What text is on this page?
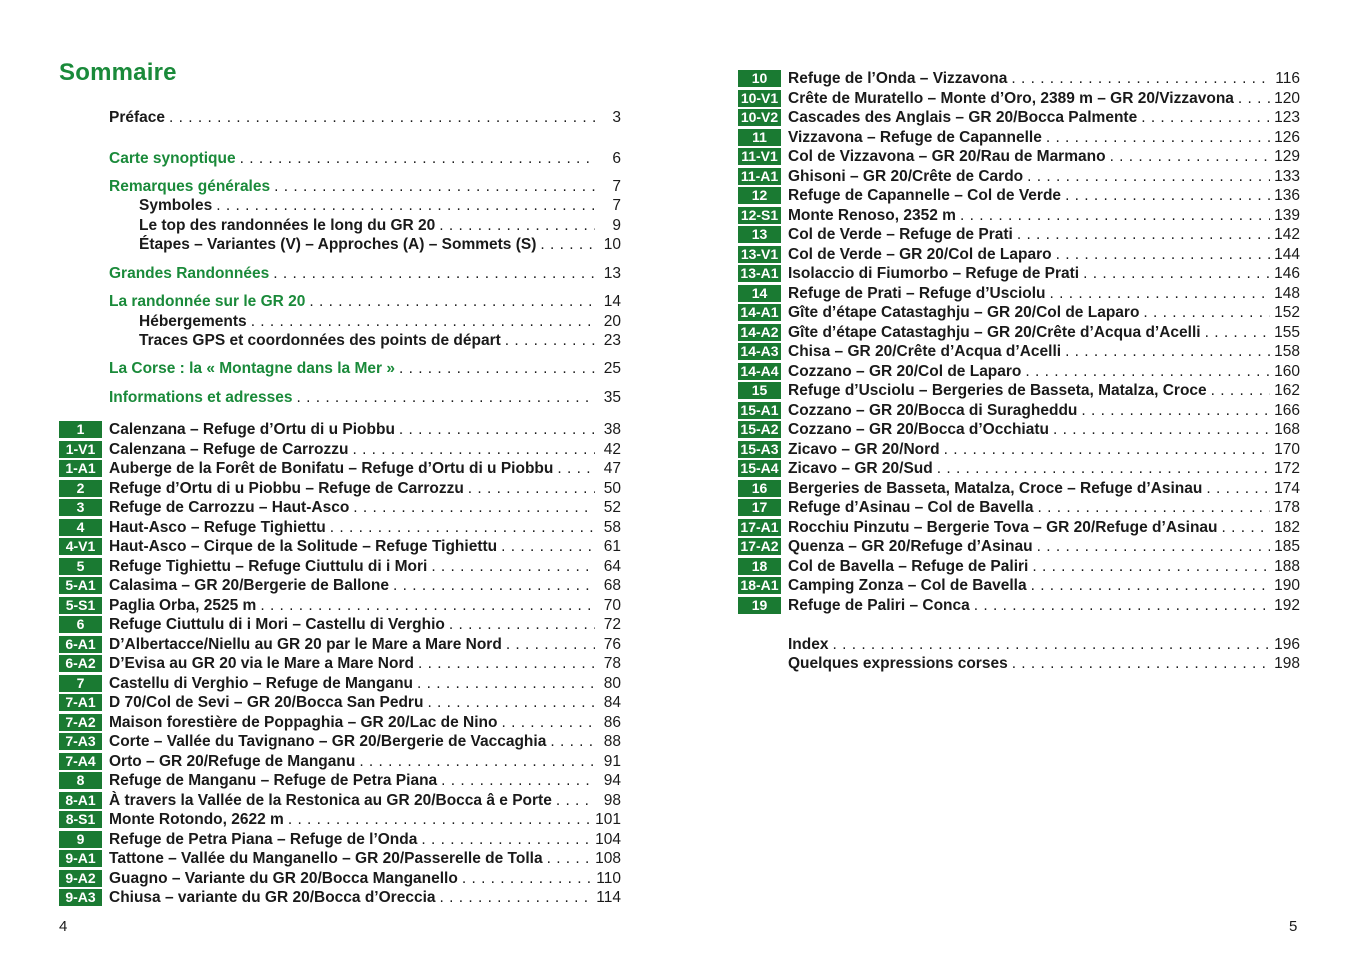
Sommaire
Préface . . .	3
Carte synoptique . . .	6
Remarques générales . . .	7
Symboles . . .	7
Le top des randonnées le long du GR 20 . . .	9
Étapes – Variantes (V) – Approches (A) – Sommets (S) . . .	10
Grandes Randonnées . . .	13
La randonnée sur le GR 20 . . .	14
Hébergements . . .	20
Traces GPS et coordonnées des points de départ . . .	23
La Corse : la « Montagne dans la Mer » . . .	25
Informations et adresses . . .	35
1	Calenzana – Refuge d’Ortu di u Piobbu . . .	38
1-V1 Calenzana – Refuge de Carrozzu . . .	42
1-A1 Auberge de la Forêt de Bonifatu – Refuge d’Ortu di u Piobbu . . .	47
2	Refuge d’Ortu di u Piobbu – Refuge de Carrozzu . . .	50
3	Refuge de Carrozzu – Haut-Asco . . .	52
4	Haut-Asco – Refuge Tighiettu . . .	58
4-V1 Haut-Asco – Cirque de la Solitude – Refuge Tighiettu . . .	61
5	Refuge Tighiettu – Refuge Ciuttulu di i Mori . . .	64
5-A1 Calasima – GR 20/Bergerie de Ballone . . .	68
5-S1 Paglia Orba, 2525 m . . .	70
6	Refuge Ciuttulu di i Mori – Castellu di Verghio . . .	72
6-A1 D’Albertacce/Niellu au GR 20 par le Mare a Mare Nord . . .	76
6-A2 D’Evisa au GR 20 via le Mare a Mare Nord . . .	78
7	Castellu di Verghio – Refuge de Manganu . . .	80
7-A1 D 70/Col de Sevi – GR 20/Bocca San Pedru . . .	84
7-A2 Maison forestière de Poppaghia – GR 20/Lac de Nino . . .	86
7-A3 Corte – Vallée du Tavignano – GR 20/Bergerie de Vaccaghia . . .	88
7-A4 Orto – GR 20/Refuge de Manganu . . .	91
8	Refuge de Manganu – Refuge de Petra Piana . . .	94
8-A1 À travers la Vallée de la Restonica au GR 20/Bocca â e Porte . . .	98
8-S1 Monte Rotondo, 2622 m . . .	101
9	Refuge de Petra Piana – Refuge de l’Onda . . .	104
9-A1 Tattone – Vallée du Manganello – GR 20/Passerelle de Tolla . . .	108
9-A2 Guagno – Variante du GR 20/Bocca Manganello . . .	110
9-A3 Chiusa – variante du GR 20/Bocca d’Oreccia . . .	114
4
10	Refuge de l’Onda – Vizzavona . . .	116
10-V1 Crête de Muratello – Monte d’Oro, 2389 m – GR 20/Vizzavona . . .	120
10-V2 Cascades des Anglais – GR 20/Bocca Palmente . . .	123
11	Vizzavona – Refuge de Capannelle . . .	126
11-V1 Col de Vizzavona – GR 20/Rau de Marmano . . .	129
11-A1 Ghisoni – GR 20/Crête de Cardo . . .	133
12	Refuge de Capannelle – Col de Verde . . .	136
12-S1 Monte Renoso, 2352 m . . .	139
13	Col de Verde – Refuge de Prati . . .	142
13-V1 Col de Verde – GR 20/Col de Laparo . . .	144
13-A1 Isolaccio di Fiumorbo – Refuge de Prati . . .	146
14	Refuge de Prati – Refuge d’Usciolu . . .	148
14-A1 Gîte d’étape Catastaghju – GR 20/Col de Laparo . . .	152
14-A2 Gîte d’étape Catastaghju – GR 20/Crête d’Acqua d’Acelli . . .	155
14-A3 Chisa – GR 20/Crête d’Acqua d’Acelli . . .	158
14-A4 Cozzano – GR 20/Col de Laparo . . .	160
15	Refuge d’Usciolu – Bergeries de Basseta, Matalza, Croce . . .	162
15-A1 Cozzano – GR 20/Bocca di Suragheddu . . .	166
15-A2 Cozzano – GR 20/Bocca d’Occhiatu . . .	168
15-A3 Zicavo – GR 20/Nord . . .	170
15-A4 Zicavo – GR 20/Sud . . .	172
16	Bergeries de Basseta, Matalza, Croce – Refuge d’Asinau . . .	174
17	Refuge d’Asinau – Col de Bavella . . .	178
17-A1 Rocchiu Pinzutu – Bergerie Tova – GR 20/Refuge d’Asinau . . .	182
17-A2 Quenza – GR 20/Refuge d’Asinau . . .	185
18	Col de Bavella – Refuge de Paliri . . .	188
18-A1 Camping Zonza – Col de Bavella . . .	190
19	Refuge de Paliri – Conca . . .	192
Index . . .	196
Quelques expressions corses . . .	198
5
